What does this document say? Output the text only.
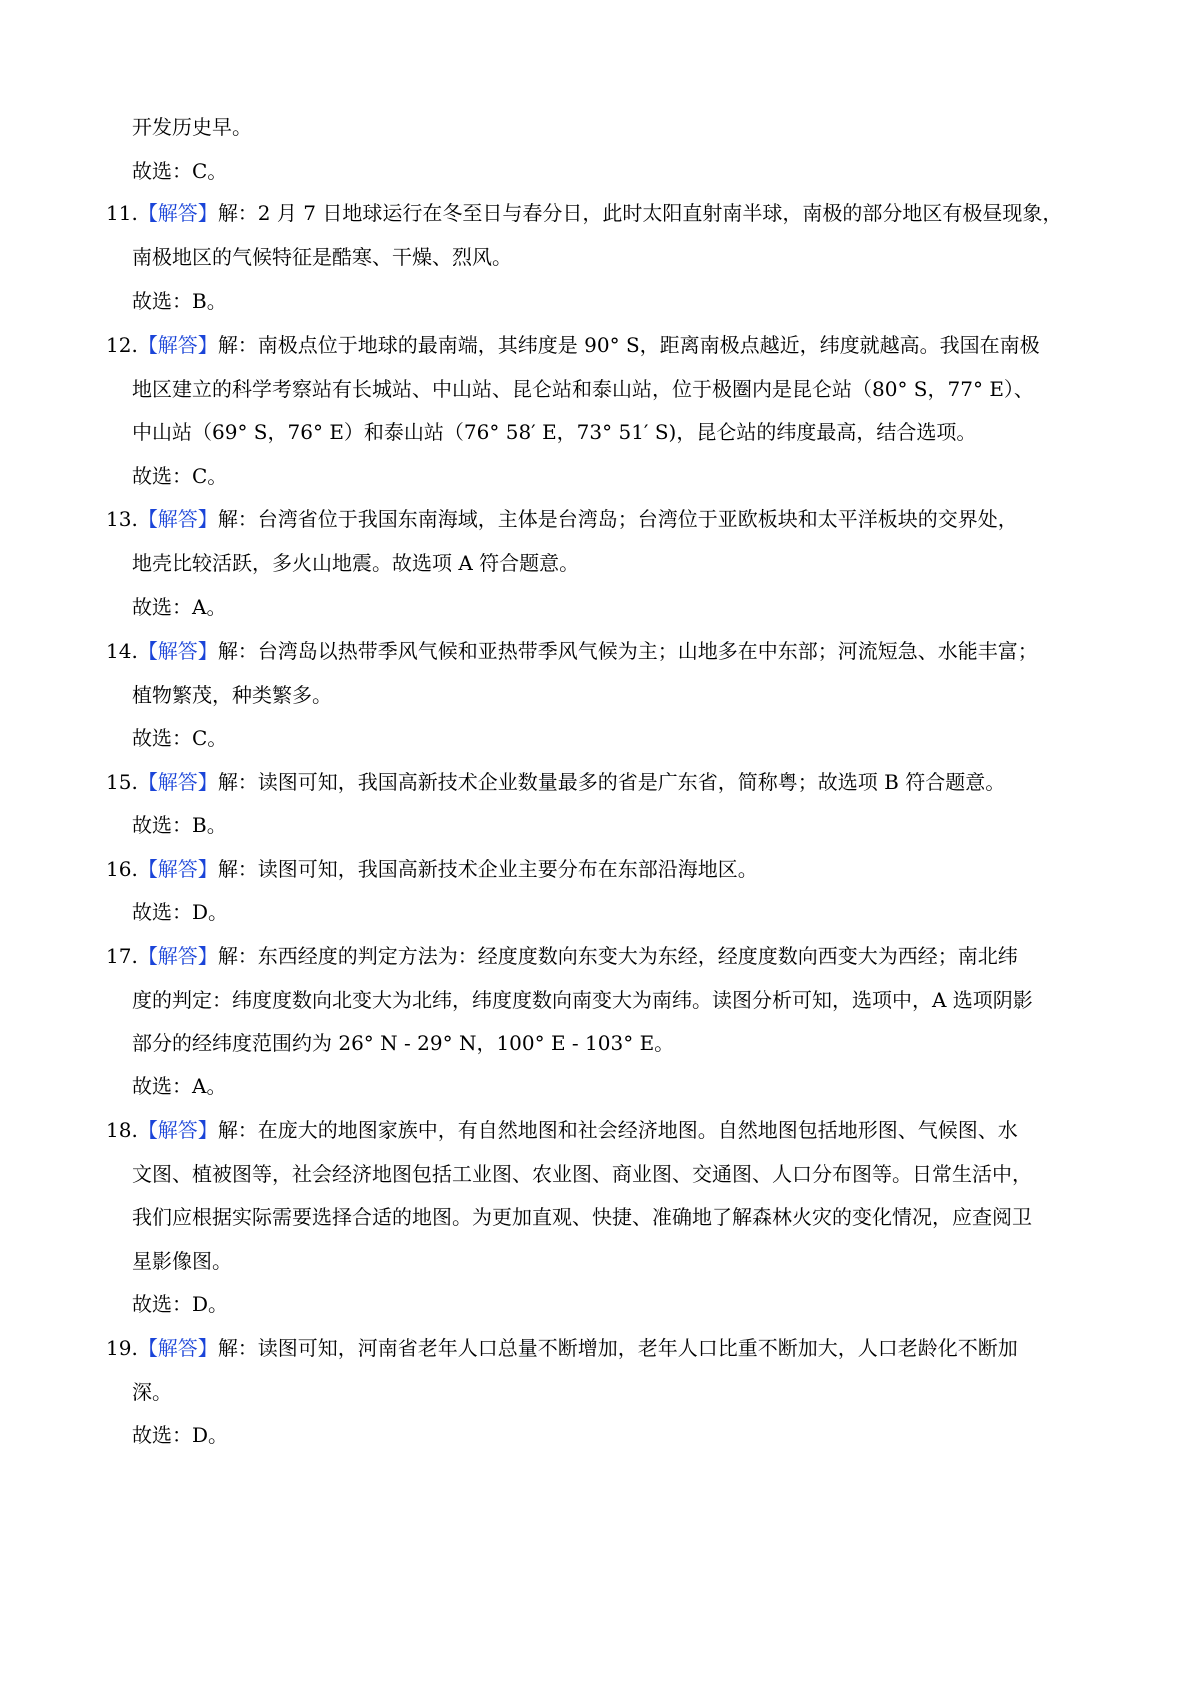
开发历史早。
故选：C。
11.【解答】解：2 月 7 日地球运行在冬至日与春分日，此时太阳直射南半球，南极的部分地区有极昼现象，
南极地区的气候特征是酷寒、干燥、烈风。
故选：B。
12.【解答】解：南极点位于地球的最南端，其纬度是 90° S，距离南极点越近，纬度就越高。我国在南极
地区建立的科学考察站有长城站、中山站、昆仑站和泰山站，位于极圈内是昆仑站（80° S，77° E）、
中山站（69° S，76° E）和泰山站（76° 58′ E，73° 51′ S)，昆仑站的纬度最高，结合选项。
故选：C。
13.【解答】解：台湾省位于我国东南海域，主体是台湾岛；台湾位于亚欧板块和太平洋板块的交界处，
地壳比较活跃，多火山地震。故选项 A 符合题意。
故选：A。
14.【解答】解：台湾岛以热带季风气候和亚热带季风气候为主；山地多在中东部；河流短急、水能丰富；
植物繁茂，种类繁多。
故选：C。
15.【解答】解：读图可知，我国高新技术企业数量最多的省是广东省，简称粤；故选项 B 符合题意。
故选：B。
16.【解答】解：读图可知，我国高新技术企业主要分布在东部沿海地区。
故选：D。
17.【解答】解：东西经度的判定方法为：经度度数向东变大为东经，经度度数向西变大为西经；南北纬
度的判定：纬度度数向北变大为北纬，纬度度数向南变大为南纬。读图分析可知，选项中，A 选项阴影
部分的经纬度范围约为 26° N - 29° N，100° E - 103° E。
故选：A。
18.【解答】解：在庞大的地图家族中，有自然地图和社会经济地图。自然地图包括地形图、气候图、水
文图、植被图等，社会经济地图包括工业图、农业图、商业图、交通图、人口分布图等。日常生活中，
我们应根据实际需要选择合适的地图。为更加直观、快捷、准确地了解森林火灾的变化情况，应查阅卫
星影像图。
故选：D。
19.【解答】解：读图可知，河南省老年人口总量不断增加，老年人口比重不断加大，人口老龄化不断加
深。
故选：D。
